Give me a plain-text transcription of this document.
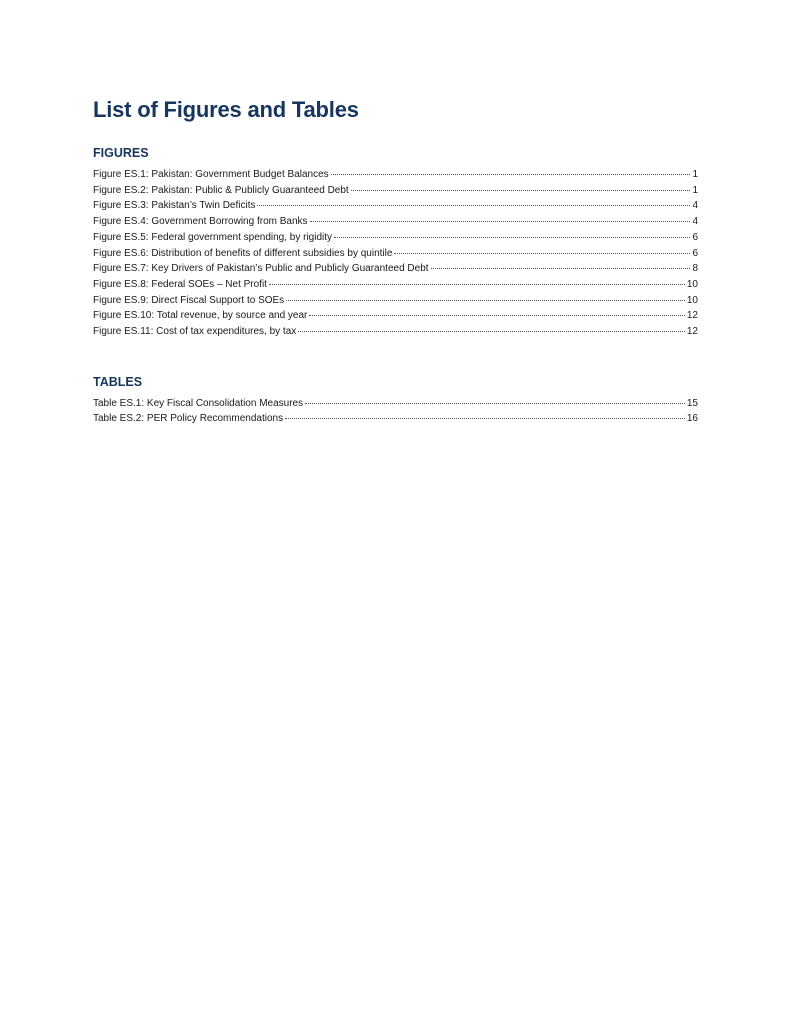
List of Figures and Tables
FIGURES
Figure ES.1: Pakistan: Government Budget Balances	1
Figure ES.2: Pakistan: Public & Publicly Guaranteed Debt	1
Figure ES.3: Pakistan’s Twin Deficits	4
Figure ES.4: Government Borrowing from Banks	4
Figure ES.5: Federal government spending, by rigidity	6
Figure ES.6: Distribution of benefits of different subsidies by quintile	6
Figure ES.7: Key Drivers of Pakistan’s Public and Publicly Guaranteed Debt	8
Figure ES.8: Federal SOEs – Net Profit	10
Figure ES.9: Direct Fiscal Support to SOEs	10
Figure ES.10: Total revenue, by source and year	12
Figure ES.11: Cost of tax expenditures, by tax	12
TABLES
Table ES.1: Key Fiscal Consolidation Measures	15
Table ES.2: PER Policy Recommendations	16
